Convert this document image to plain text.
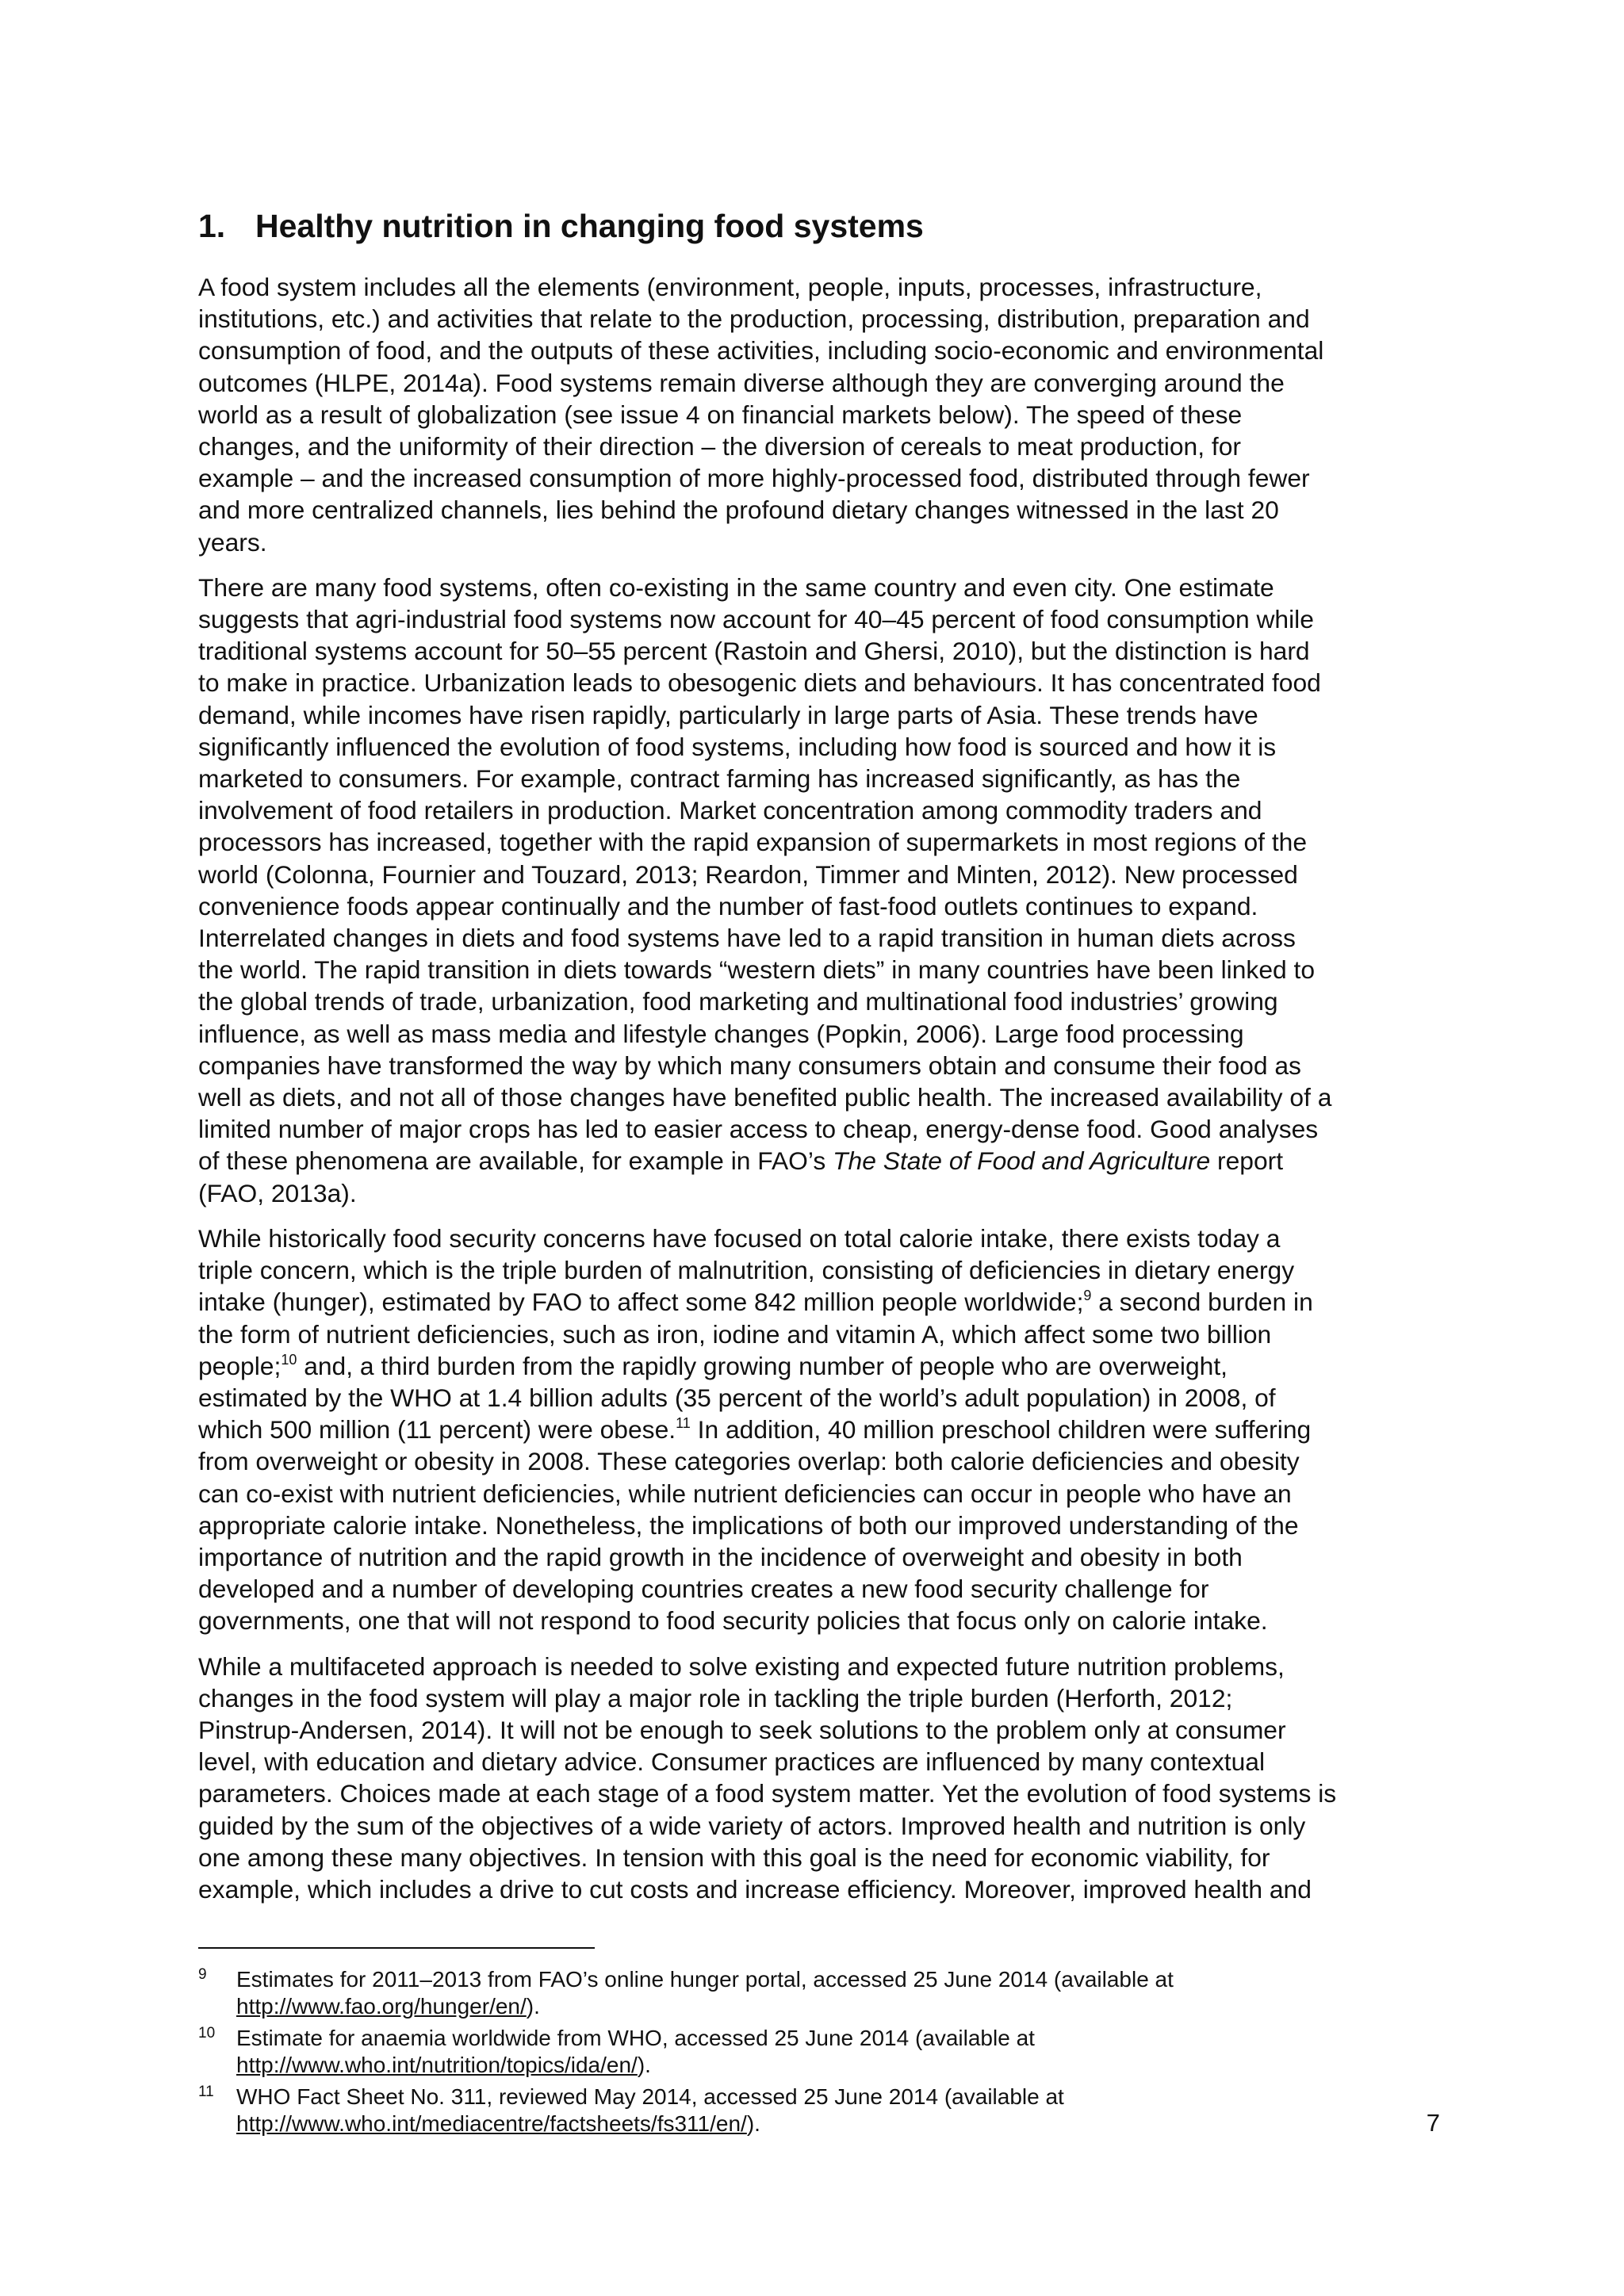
1. Healthy nutrition in changing food systems

A food system includes all the elements (environment, people, inputs, processes, infrastructure,
institutions, etc.) and activities that relate to the production, processing, distribution, preparation and
consumption of food, and the outputs of these activities, including socio-economic and environmental
outcomes (HLPE, 2014a). Food systems remain diverse although they are converging around the
world as a result of globalization (see issue 4 on financial markets below). The speed of these
changes, and the uniformity of their direction – the diversion of cereals to meat production, for
example – and the increased consumption of more highly-processed food, distributed through fewer
and more centralized channels, lies behind the profound dietary changes witnessed in the last 20
years.

There are many food systems, often co-existing in the same country and even city. One estimate
suggests that agri-industrial food systems now account for 40–45 percent of food consumption while
traditional systems account for 50–55 percent (Rastoin and Ghersi, 2010), but the distinction is hard
to make in practice. Urbanization leads to obesogenic diets and behaviours. It has concentrated food
demand, while incomes have risen rapidly, particularly in large parts of Asia. These trends have
significantly influenced the evolution of food systems, including how food is sourced and how it is
marketed to consumers. For example, contract farming has increased significantly, as has the
involvement of food retailers in production. Market concentration among commodity traders and
processors has increased, together with the rapid expansion of supermarkets in most regions of the
world (Colonna, Fournier and Touzard, 2013; Reardon, Timmer and Minten, 2012). New processed
convenience foods appear continually and the number of fast-food outlets continues to expand.
Interrelated changes in diets and food systems have led to a rapid transition in human diets across
the world. The rapid transition in diets towards “western diets” in many countries have been linked to
the global trends of trade, urbanization, food marketing and multinational food industries’ growing
influence, as well as mass media and lifestyle changes (Popkin, 2006). Large food processing
companies have transformed the way by which many consumers obtain and consume their food as
well as diets, and not all of those changes have benefited public health. The increased availability of a
limited number of major crops has led to easier access to cheap, energy-dense food. Good analyses
of these phenomena are available, for example in FAO’s The State of Food and Agriculture report
(FAO, 2013a).

While historically food security concerns have focused on total calorie intake, there exists today a
triple concern, which is the triple burden of malnutrition, consisting of deficiencies in dietary energy
intake (hunger), estimated by FAO to affect some 842 million people worldwide;$^9$ a second burden in
the form of nutrient deficiencies, such as iron, iodine and vitamin A, which affect some two billion
people;$^{10}$ and, a third burden from the rapidly growing number of people who are overweight,
estimated by the WHO at 1.4 billion adults (35 percent of the world’s adult population) in 2008, of
which 500 million (11 percent) were obese.$^{11}$ In addition, 40 million preschool children were suffering
from overweight or obesity in 2008. These categories overlap: both calorie deficiencies and obesity
can co-exist with nutrient deficiencies, while nutrient deficiencies can occur in people who have an
appropriate calorie intake. Nonetheless, the implications of both our improved understanding of the
importance of nutrition and the rapid growth in the incidence of overweight and obesity in both
developed and a number of developing countries creates a new food security challenge for
governments, one that will not respond to food security policies that focus only on calorie intake.

While a multifaceted approach is needed to solve existing and expected future nutrition problems,
changes in the food system will play a major role in tackling the triple burden (Herforth, 2012;
Pinstrup-Andersen, 2014). It will not be enough to seek solutions to the problem only at consumer
level, with education and dietary advice. Consumer practices are influenced by many contextual
parameters. Choices made at each stage of a food system matter. Yet the evolution of food systems is
guided by the sum of the objectives of a wide variety of actors. Improved health and nutrition is only
one among these many objectives. In tension with this goal is the need for economic viability, for
example, which includes a drive to cut costs and increase efficiency. Moreover, improved health and

9 Estimates for 2011–2013 from FAO’s online hunger portal, accessed 25 June 2014 (available at
http://www.fao.org/hunger/en/).
10 Estimate for anaemia worldwide from WHO, accessed 25 June 2014 (available at
http://www.who.int/nutrition/topics/ida/en/).
11 WHO Fact Sheet No. 311, reviewed May 2014, accessed 25 June 2014 (available at
http://www.who.int/mediacentre/factsheets/fs311/en/).	7
